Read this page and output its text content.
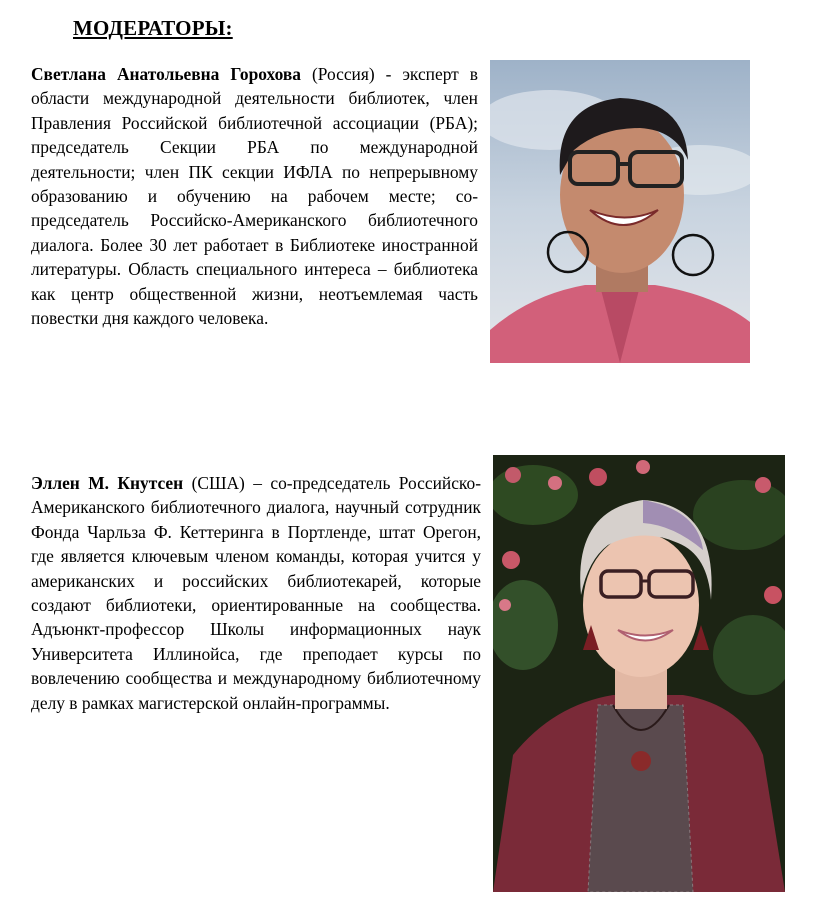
МОДЕРАТОРЫ:

Светлана Анатольевна Горохова (Россия) - эксперт в области международной деятельности библиотек, член Правления Российской библиотечной ассоциации (РБА); председатель Секции РБА по международной деятельности; член ПК секции ИФЛА по непрерывному образованию и обучению на рабочем месте; со-председатель Российско-Американского библиотечного диалога. Более 30 лет работает в Библиотеке иностранной литературы. Область специального интереса – библиотека как центр общественной жизни, неотъемлемая часть повестки дня каждого человека.

Эллен М. Кнутсен (США) – со-председатель Российско-Американского библиотечного диалога, научный сотрудник Фонда Чарльза Ф. Кеттеринга в Портленде, штат Орегон, где является ключевым членом команды, которая учится у американских и российских библиотекарей, которые создают библиотеки, ориентированные на сообщества. Адъюнкт-профессор Школы информационных наук Университета Иллинойса, где преподает курсы по вовлечению сообщества и международному библиотечному делу в рамках магистерской онлайн-программы.
